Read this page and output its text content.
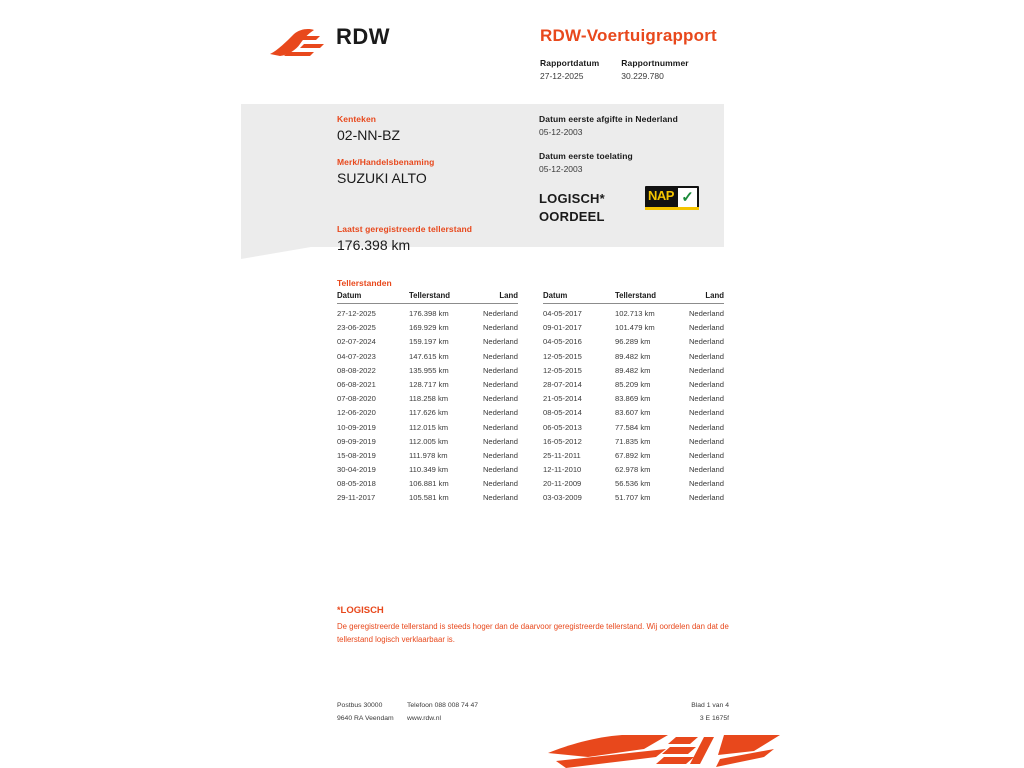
RDW	RDW-Voertuigrapport
Rapportdatum
27-12-2025
Rapportnummer
30.229.780
Kenteken
02-NN-BZ
Merk/Handelsbenaming
SUZUKI ALTO
Laatst geregistreerde tellerstand
176.398 km
Datum eerste afgifte in Nederland
05-12-2003
Datum eerste toelating
05-12-2003
LOGISCH*
OORDEEL
NAP ✓
Tellerstanden
Datum	Tellerstand	Land
27-12-2025	176.398 km	Nederland
23-06-2025	169.929 km	Nederland
02-07-2024	159.197 km	Nederland
04-07-2023	147.615 km	Nederland
08-08-2022	135.955 km	Nederland
06-08-2021	128.717 km	Nederland
07-08-2020	118.258 km	Nederland
12-06-2020	117.626 km	Nederland
10-09-2019	112.015 km	Nederland
09-09-2019	112.005 km	Nederland
15-08-2019	111.978 km	Nederland
30-04-2019	110.349 km	Nederland
08-05-2018	106.881 km	Nederland
29-11-2017	105.581 km	Nederland
Datum	Tellerstand	Land
04-05-2017	102.713 km	Nederland
09-01-2017	101.479 km	Nederland
04-05-2016	96.289 km	Nederland
12-05-2015	89.482 km	Nederland
12-05-2015	89.482 km	Nederland
28-07-2014	85.209 km	Nederland
21-05-2014	83.869 km	Nederland
08-05-2014	83.607 km	Nederland
06-05-2013	77.584 km	Nederland
16-05-2012	71.835 km	Nederland
25-11-2011	67.892 km	Nederland
12-11-2010	62.978 km	Nederland
20-11-2009	56.536 km	Nederland
03-03-2009	51.707 km	Nederland
*LOGISCH
De geregistreerde tellerstand is steeds hoger dan de daarvoor geregistreerde tellerstand. Wij oordelen dan dat de tellerstand logisch verklaarbaar is.
Postbus 30000
9640 RA Veendam
Telefoon 088 008 74 47
www.rdw.nl
Blad 1 van 4
3 E 1675f
